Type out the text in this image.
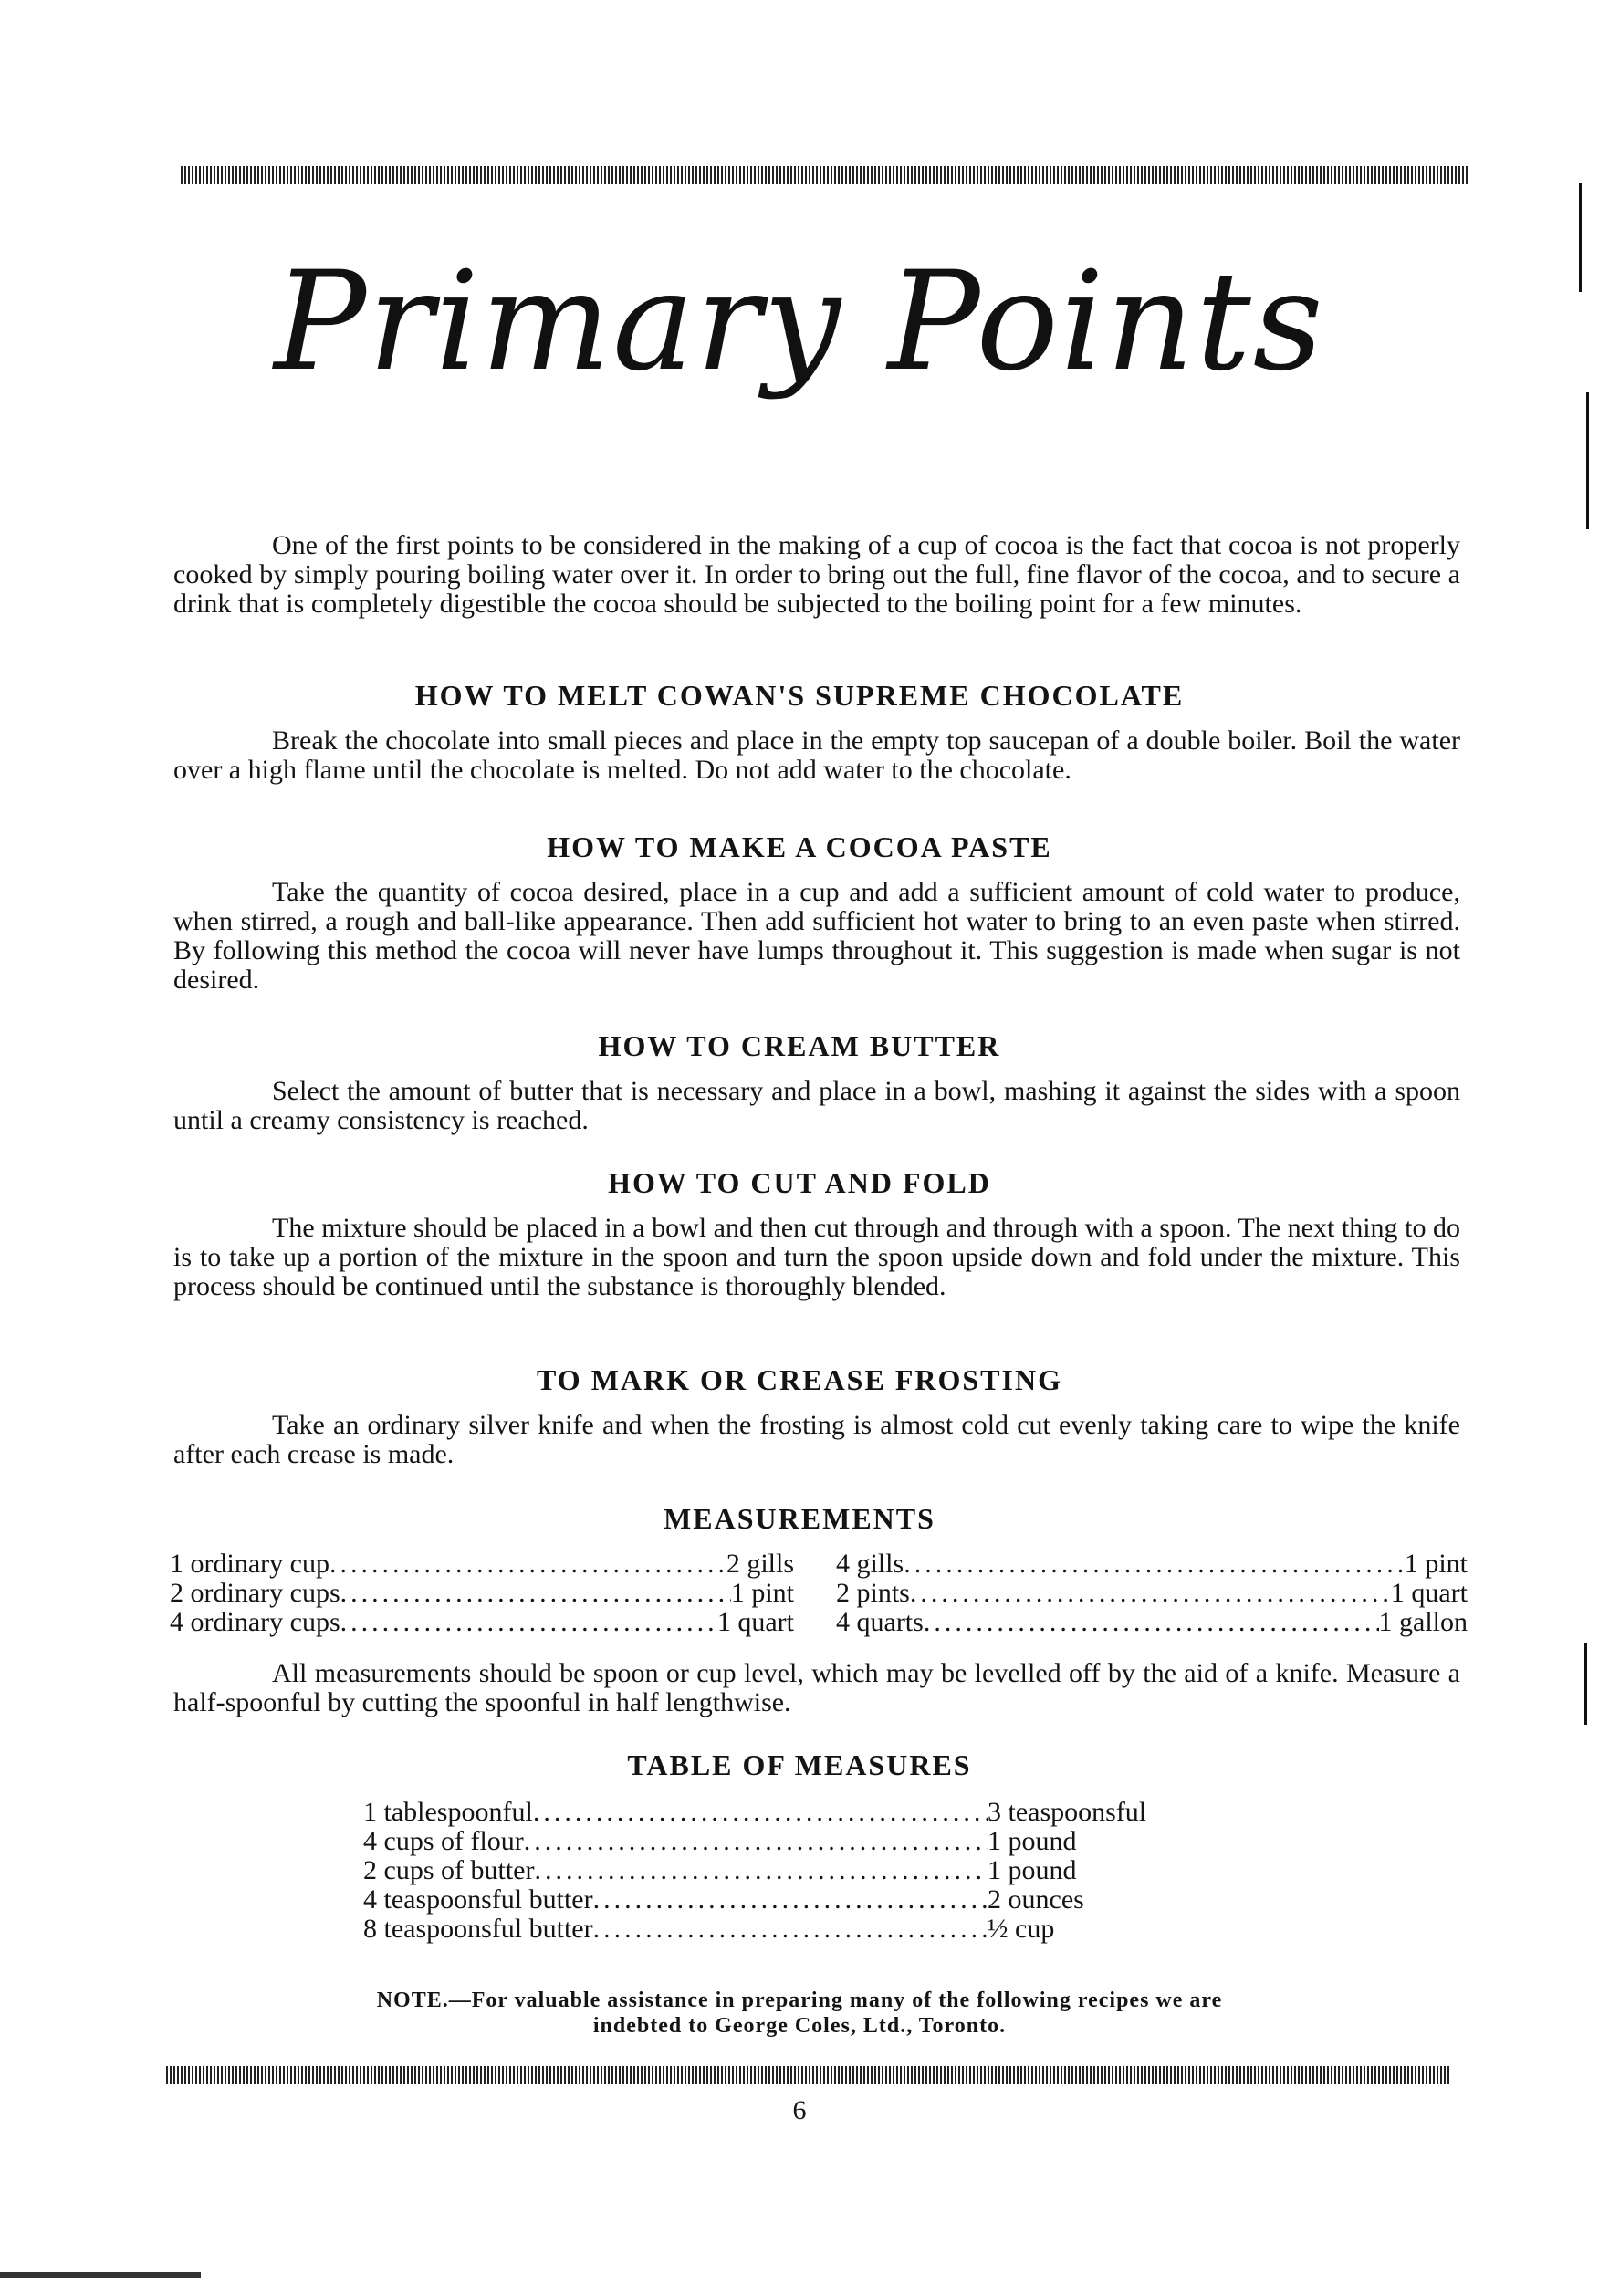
Primary Points

One of the first points to be considered in the making of a cup of cocoa is the fact that cocoa is not properly cooked by simply pouring boiling water over it. In order to bring out the full, fine flavor of the cocoa, and to secure a drink that is completely digestible the cocoa should be subjected to the boiling point for a few minutes.

HOW TO MELT COWAN'S SUPREME CHOCOLATE

Break the chocolate into small pieces and place in the empty top saucepan of a double boiler. Boil the water over a high flame until the chocolate is melted. Do not add water to the chocolate.

HOW TO MAKE A COCOA PASTE

Take the quantity of cocoa desired, place in a cup and add a sufficient amount of cold water to produce, when stirred, a rough and ball-like appearance. Then add sufficient hot water to bring to an even paste when stirred. By following this method the cocoa will never have lumps throughout it. This suggestion is made when sugar is not desired.

HOW TO CREAM BUTTER

Select the amount of butter that is necessary and place in a bowl, mashing it against the sides with a spoon until a creamy consistency is reached.

HOW TO CUT AND FOLD

The mixture should be placed in a bowl and then cut through and through with a spoon. The next thing to do is to take up a portion of the mixture in the spoon and turn the spoon upside down and fold under the mixture. This process should be continued until the substance is thoroughly blended.

TO MARK OR CREASE FROSTING

Take an ordinary silver knife and when the frosting is almost cold cut evenly taking care to wipe the knife after each crease is made.

MEASUREMENTS
1 ordinary cup .....	2 gills
2 ordinary cups .....	1 pint
4 ordinary cups .....	1 quart
4 gills .....	1 pint
2 pints .....	1 quart
4 quarts .....	1 gallon

All measurements should be spoon or cup level, which may be levelled off by the aid of a knife. Measure a half-spoonful by cutting the spoonful in half lengthwise.

TABLE OF MEASURES
1 tablespoonful .....	3 teaspoonsful
4 cups of flour .....	1 pound
2 cups of butter .....	1 pound
4 teaspoonsful butter .....	2 ounces
8 teaspoonsful butter .....	½ cup
NOTE.—For valuable assistance in preparing many of the following recipes we are
indebted to George Coles, Ltd., Toronto.
6
